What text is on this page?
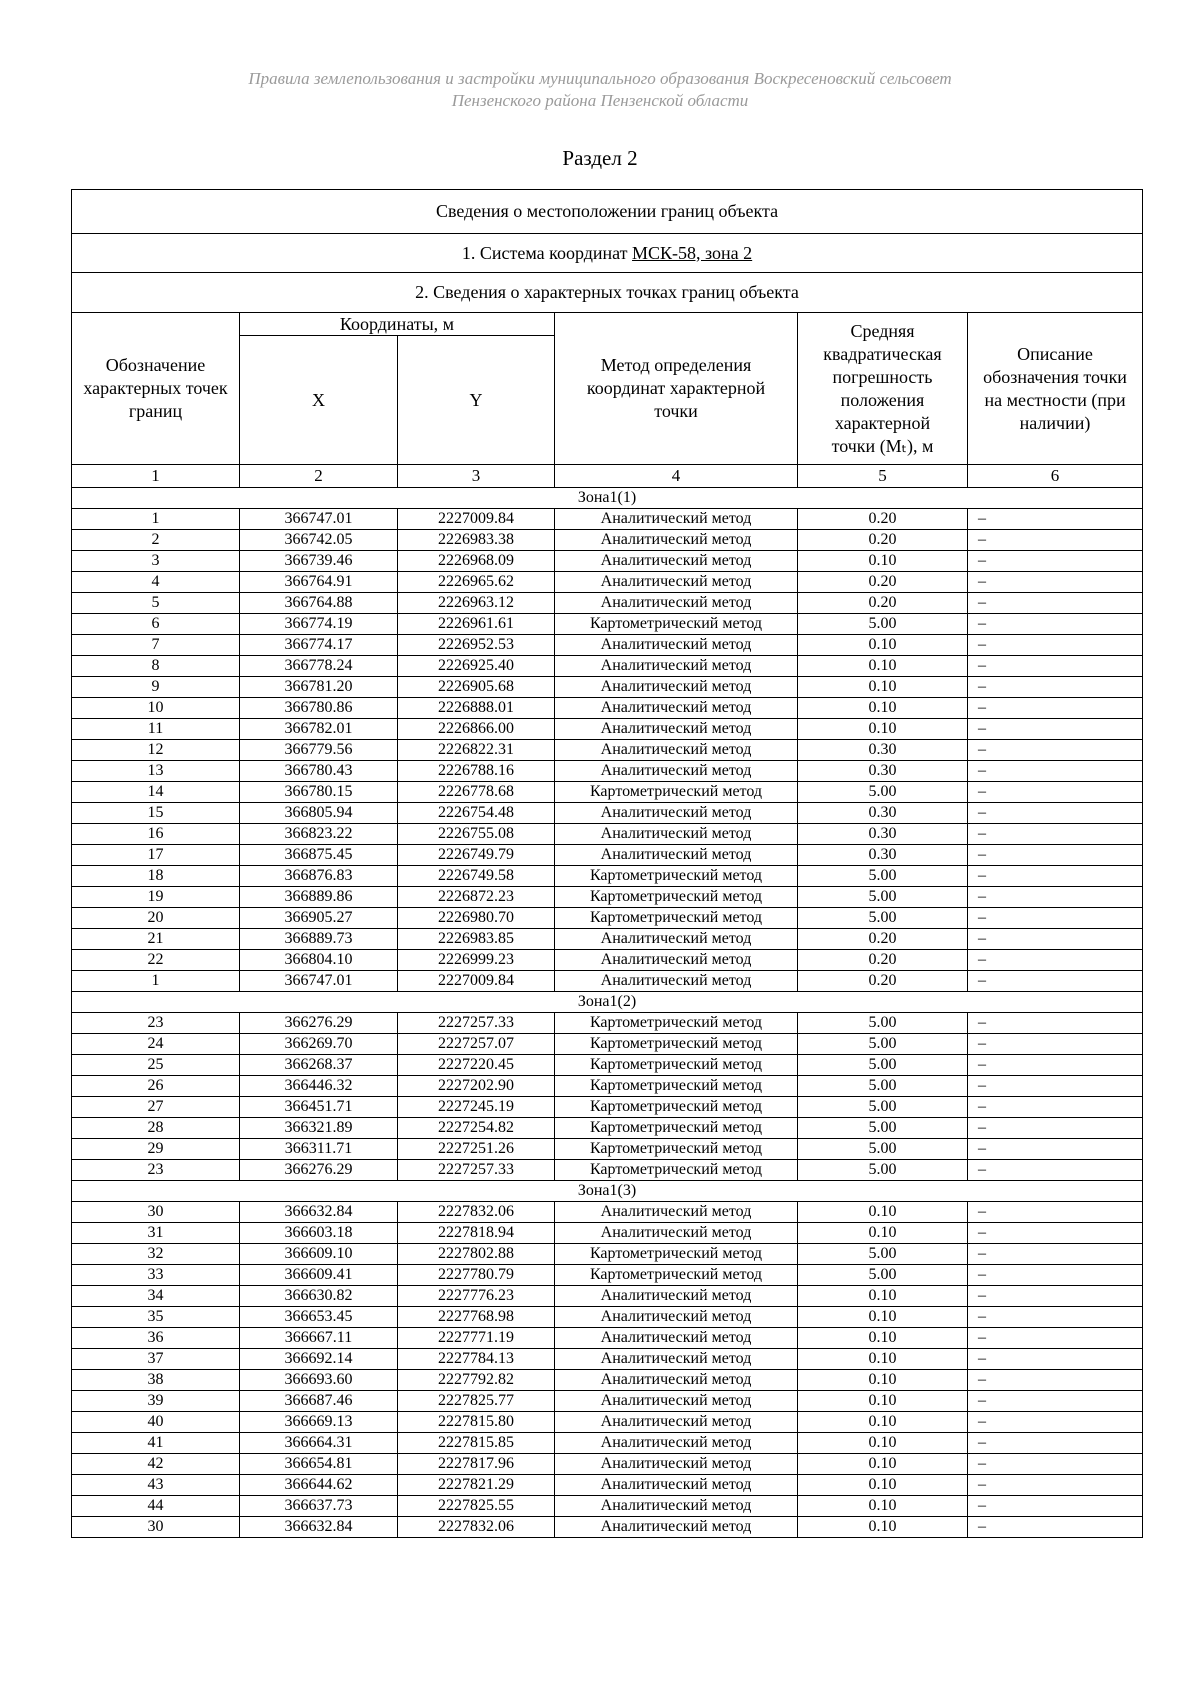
Правила землепользования и застройки муниципального образования Воскресеновский сельсовет
Пензенского района Пензенской области
Раздел 2
Сведения о местоположении границ объекта					
1. Система координат МСК-58, зона 2					
2. Сведения о характерных точках границ объекта					
Обозначение характерных точек границ	Координаты, м		Метод определения координат характерной точки	Средняя квадратическая погрешность положения характерной точки (Mₜ), м	Описание обозначения точки на местности (при наличии)
	X	Y			
1	2	3	4	5	6
Зона1(1)					
1	366747.01	2227009.84	Аналитический метод	0.20	–
2	366742.05	2226983.38	Аналитический метод	0.20	–
3	366739.46	2226968.09	Аналитический метод	0.10	–
4	366764.91	2226965.62	Аналитический метод	0.20	–
5	366764.88	2226963.12	Аналитический метод	0.20	–
6	366774.19	2226961.61	Картометрический метод	5.00	–
7	366774.17	2226952.53	Аналитический метод	0.10	–
8	366778.24	2226925.40	Аналитический метод	0.10	–
9	366781.20	2226905.68	Аналитический метод	0.10	–
10	366780.86	2226888.01	Аналитический метод	0.10	–
11	366782.01	2226866.00	Аналитический метод	0.10	–
12	366779.56	2226822.31	Аналитический метод	0.30	–
13	366780.43	2226788.16	Аналитический метод	0.30	–
14	366780.15	2226778.68	Картометрический метод	5.00	–
15	366805.94	2226754.48	Аналитический метод	0.30	–
16	366823.22	2226755.08	Аналитический метод	0.30	–
17	366875.45	2226749.79	Аналитический метод	0.30	–
18	366876.83	2226749.58	Картометрический метод	5.00	–
19	366889.86	2226872.23	Картометрический метод	5.00	–
20	366905.27	2226980.70	Картометрический метод	5.00	–
21	366889.73	2226983.85	Аналитический метод	0.20	–
22	366804.10	2226999.23	Аналитический метод	0.20	–
1	366747.01	2227009.84	Аналитический метод	0.20	–
Зона1(2)					
23	366276.29	2227257.33	Картометрический метод	5.00	–
24	366269.70	2227257.07	Картометрический метод	5.00	–
25	366268.37	2227220.45	Картометрический метод	5.00	–
26	366446.32	2227202.90	Картометрический метод	5.00	–
27	366451.71	2227245.19	Картометрический метод	5.00	–
28	366321.89	2227254.82	Картометрический метод	5.00	–
29	366311.71	2227251.26	Картометрический метод	5.00	–
23	366276.29	2227257.33	Картометрический метод	5.00	–
Зона1(3)					
30	366632.84	2227832.06	Аналитический метод	0.10	–
31	366603.18	2227818.94	Аналитический метод	0.10	–
32	366609.10	2227802.88	Картометрический метод	5.00	–
33	366609.41	2227780.79	Картометрический метод	5.00	–
34	366630.82	2227776.23	Аналитический метод	0.10	–
35	366653.45	2227768.98	Аналитический метод	0.10	–
36	366667.11	2227771.19	Аналитический метод	0.10	–
37	366692.14	2227784.13	Аналитический метод	0.10	–
38	366693.60	2227792.82	Аналитический метод	0.10	–
39	366687.46	2227825.77	Аналитический метод	0.10	–
40	366669.13	2227815.80	Аналитический метод	0.10	–
41	366664.31	2227815.85	Аналитический метод	0.10	–
42	366654.81	2227817.96	Аналитический метод	0.10	–
43	366644.62	2227821.29	Аналитический метод	0.10	–
44	366637.73	2227825.55	Аналитический метод	0.10	–
30	366632.84	2227832.06	Аналитический метод	0.10	–
